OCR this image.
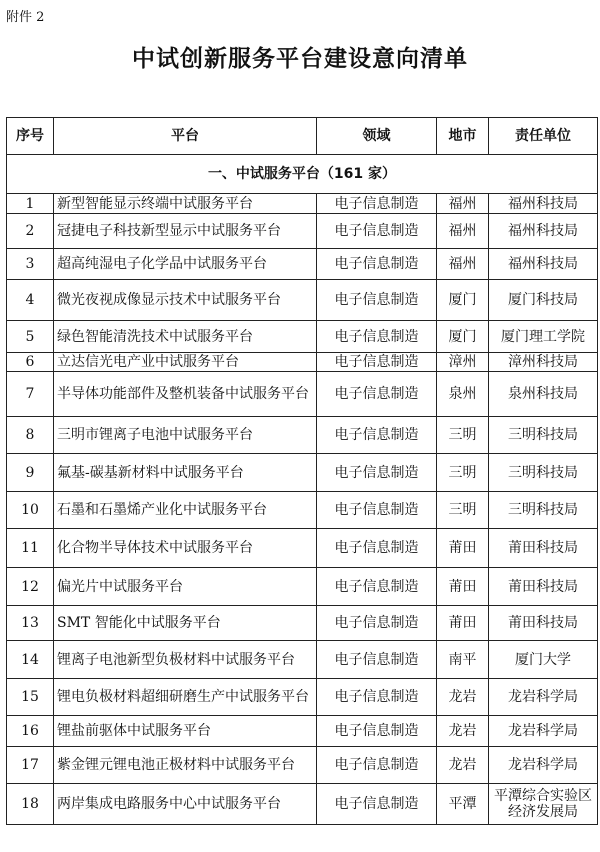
附件 2
中试创新服务平台建设意向清单
序号	平台	领域	地市	责任单位
一、中试服务平台（161 家）				
1	新型智能显示终端中试服务平台	电子信息制造	福州	福州科技局
2	冠捷电子科技新型显示中试服务平台	电子信息制造	福州	福州科技局
3	超高纯湿电子化学品中试服务平台	电子信息制造	福州	福州科技局
4	微光夜视成像显示技术中试服务平台	电子信息制造	厦门	厦门科技局
5	绿色智能清洗技术中试服务平台	电子信息制造	厦门	厦门理工学院
6	立达信光电产业中试服务平台	电子信息制造	漳州	漳州科技局
7	半导体功能部件及整机装备中试服务平台	电子信息制造	泉州	泉州科技局
8	三明市锂离子电池中试服务平台	电子信息制造	三明	三明科技局
9	氟基-碳基新材料中试服务平台	电子信息制造	三明	三明科技局
10	石墨和石墨烯产业化中试服务平台	电子信息制造	三明	三明科技局
11	化合物半导体技术中试服务平台	电子信息制造	莆田	莆田科技局
12	偏光片中试服务平台	电子信息制造	莆田	莆田科技局
13	SMT 智能化中试服务平台	电子信息制造	莆田	莆田科技局
14	锂离子电池新型负极材料中试服务平台	电子信息制造	南平	厦门大学
15	锂电负极材料超细研磨生产中试服务平台	电子信息制造	龙岩	龙岩科学局
16	锂盐前驱体中试服务平台	电子信息制造	龙岩	龙岩科学局
17	紫金锂元锂电池正极材料中试服务平台	电子信息制造	龙岩	龙岩科学局
18	两岸集成电路服务中心中试服务平台	电子信息制造	平潭	平潭综合实验区经济发展局
